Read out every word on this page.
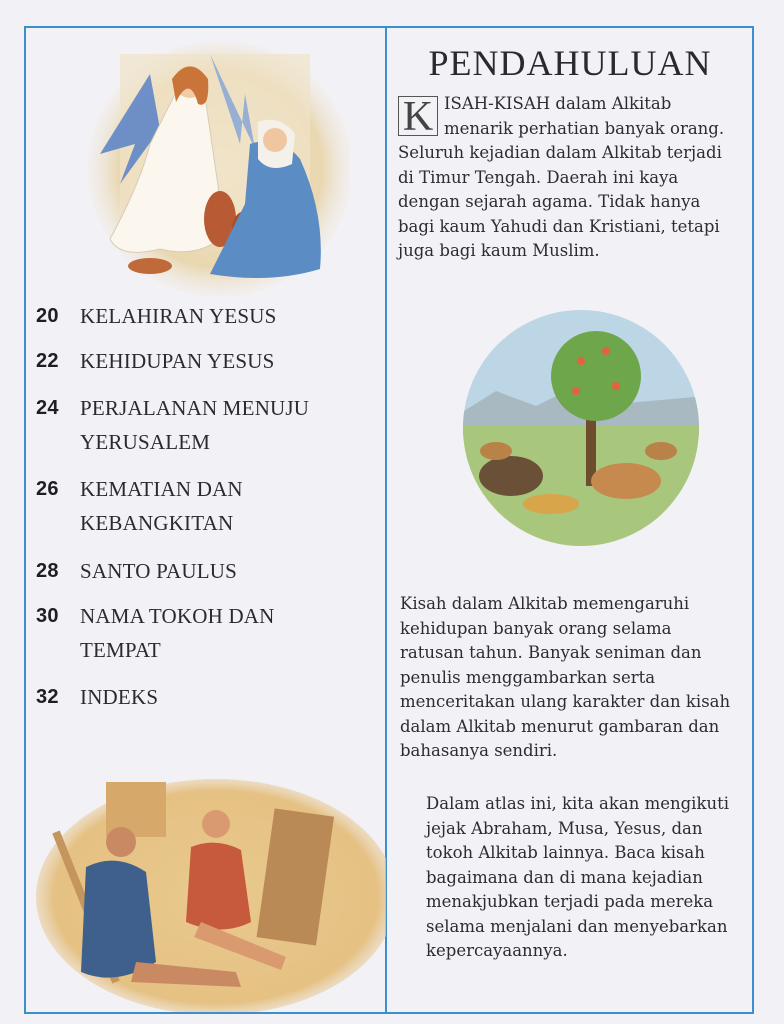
20	KELAHIRAN YESUS
22	KEHIDUPAN YESUS
24	PERJALANAN MENUJU
YERUSALEM
26	KEMATIAN DAN
KEBANGKITAN
28	SANTO PAULUS
30	NAMA TOKOH DAN
TEMPAT
32	INDEKS
PENDAHULUAN
K ISAH-KISAH dalam Alkitab menarik perhatian banyak orang. Seluruh kejadian dalam Alkitab terjadi di Timur Tengah. Daerah ini kaya dengan sejarah agama. Tidak hanya bagi kaum Yahudi dan Kristiani, tetapi juga bagi kaum Muslim.
Kisah dalam Alkitab memengaruhi kehidupan banyak orang selama ratusan tahun. Banyak seniman dan penulis menggambarkan serta menceritakan ulang karakter dan kisah dalam Alkitab menurut gambaran dan bahasanya sendiri.
Dalam atlas ini, kita akan mengikuti jejak Abraham, Musa, Yesus, dan tokoh Alkitab lainnya. Baca kisah bagaimana dan di mana kejadian menakjubkan terjadi pada mereka selama menjalani dan menyebarkan kepercayaannya.
